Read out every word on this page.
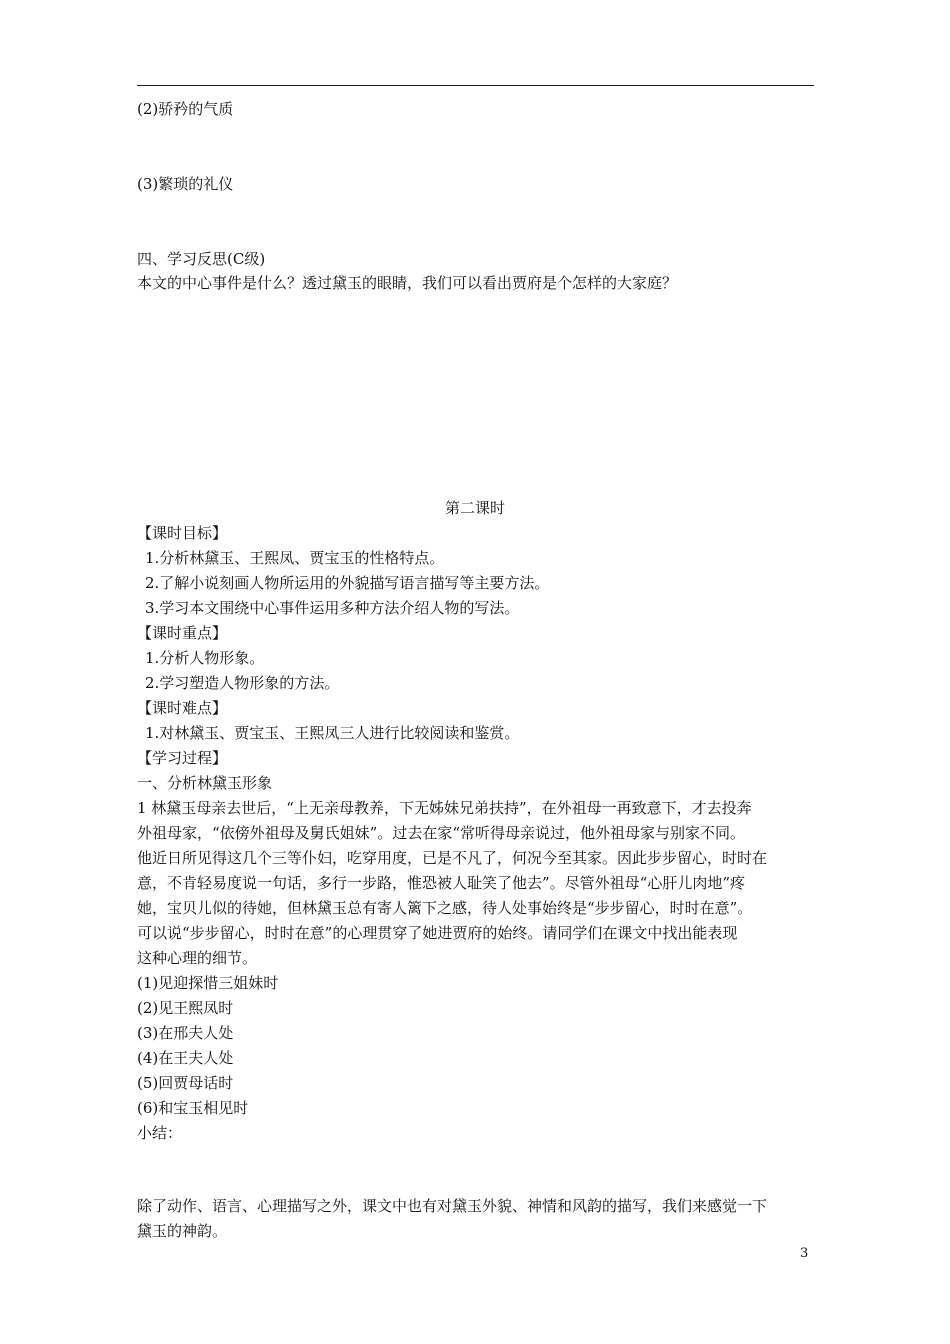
(2)骄矜的气质
(3)繁琐的礼仪
四、学习反思(C级)
本文的中心事件是什么？透过黛玉的眼睛，我们可以看出贾府是个怎样的大家庭？
第二课时
【课时目标】
1.分析林黛玉、王熙凤、贾宝玉的性格特点。
2.了解小说刻画人物所运用的外貌描写语言描写等主要方法。
3.学习本文围绕中心事件运用多种方法介绍人物的写法。
【课时重点】
1.分析人物形象。
2.学习塑造人物形象的方法。
【课时难点】
1.对林黛玉、贾宝玉、王熙凤三人进行比较阅读和鉴赏。
【学习过程】
一、分析林黛玉形象
1 林黛玉母亲去世后，“上无亲母教养，下无姊妹兄弟扶持”，在外祖母一再致意下，才去投奔
外祖母家，“依傍外祖母及舅氏姐妹”。过去在家“常听得母亲说过，他外祖母家与别家不同。
他近日所见得这几个三等仆妇，吃穿用度，已是不凡了，何况今至其家。因此步步留心，时时在
意，不肯轻易度说一句话，多行一步路，惟恐被人耻笑了他去”。尽管外祖母“心肝儿肉地”疼
她，宝贝儿似的待她，但林黛玉总有寄人篱下之感，待人处事始终是“步步留心，时时在意”。
可以说“步步留心，时时在意”的心理贯穿了她进贾府的始终。请同学们在课文中找出能表现
这种心理的细节。
(1)见迎探惜三姐妹时
(2)见王熙凤时
(3)在邢夫人处
(4)在王夫人处
(5)回贾母话时
(6)和宝玉相见时
小结：
除了动作、语言、心理描写之外，课文中也有对黛玉外貌、神情和风韵的描写，我们来感觉一下
黛玉的神韵。
3
